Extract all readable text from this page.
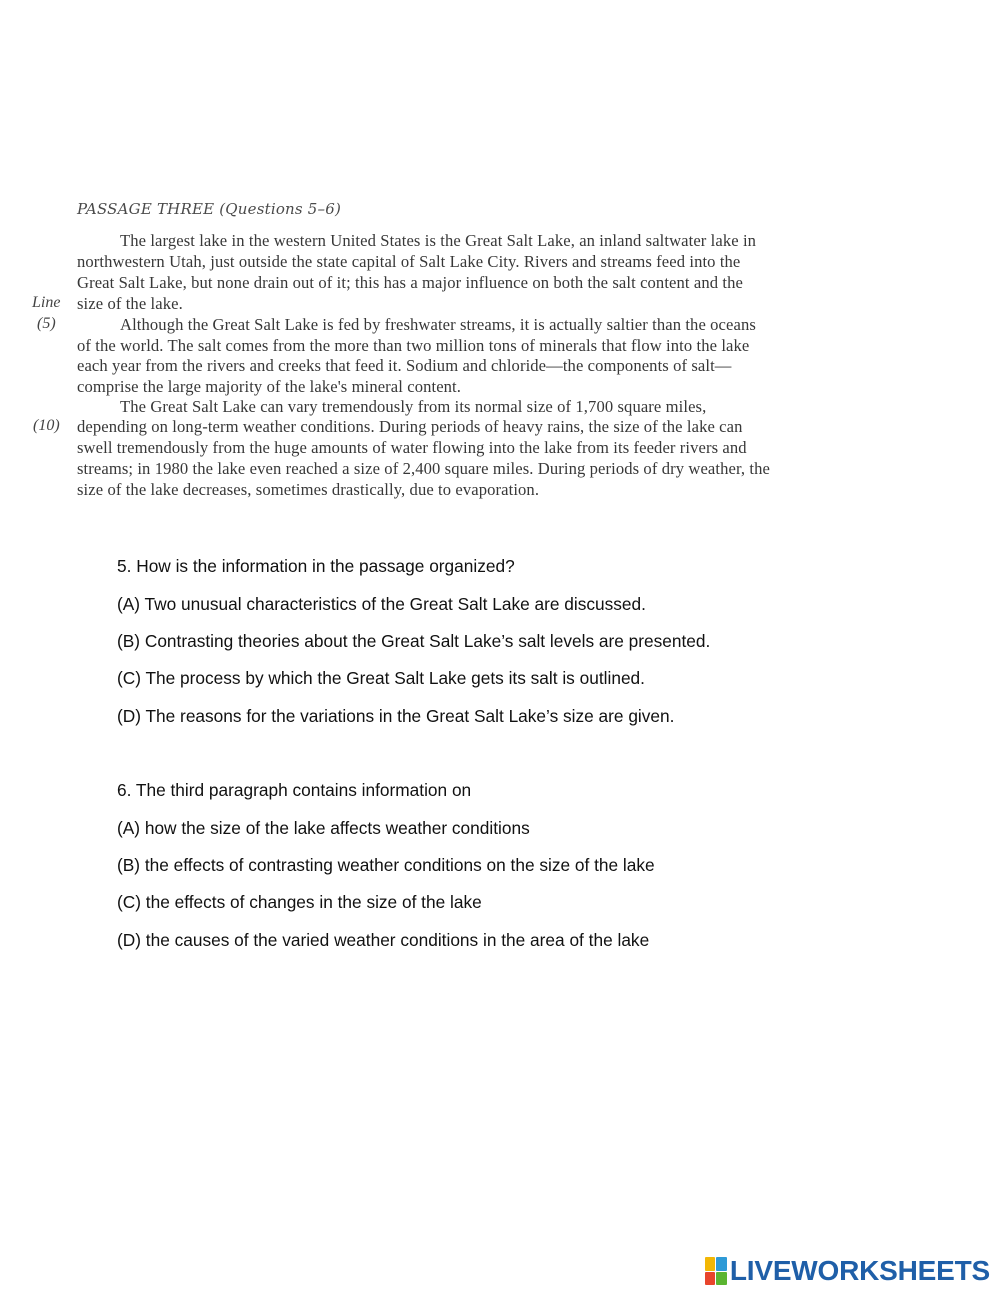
PASSAGE THREE (Questions 5–6)
The largest lake in the western United States is the Great Salt Lake, an inland saltwater lake in
northwestern Utah, just outside the state capital of Salt Lake City. Rivers and streams feed into the
Great Salt Lake, but none drain out of it; this has a major influence on both the salt content and the
Line size of the lake.
(5)	Although the Great Salt Lake is fed by freshwater streams, it is actually saltier than the oceans
of the world. The salt comes from the more than two million tons of minerals that flow into the lake
each year from the rivers and creeks that feed it. Sodium and chloride—the components of salt—
comprise the large majority of the lake's mineral content.
The Great Salt Lake can vary tremendously from its normal size of 1,700 square miles,
(10) depending on long-term weather conditions. During periods of heavy rains, the size of the lake can
swell tremendously from the huge amounts of water flowing into the lake from its feeder rivers and
streams; in 1980 the lake even reached a size of 2,400 square miles. During periods of dry weather, the
size of the lake decreases, sometimes drastically, due to evaporation.
5. How is the information in the passage organized?
(A) Two unusual characteristics of the Great Salt Lake are discussed.
(B) Contrasting theories about the Great Salt Lake’s salt levels are presented.
(C) The process by which the Great Salt Lake gets its salt is outlined.
(D) The reasons for the variations in the Great Salt Lake’s size are given.
6. The third paragraph contains information on
(A) how the size of the lake affects weather conditions
(B) the effects of contrasting weather conditions on the size of the lake
(C) the effects of changes in the size of the lake
(D) the causes of the varied weather conditions in the area of the lake
LIVEWORKSHEETS
